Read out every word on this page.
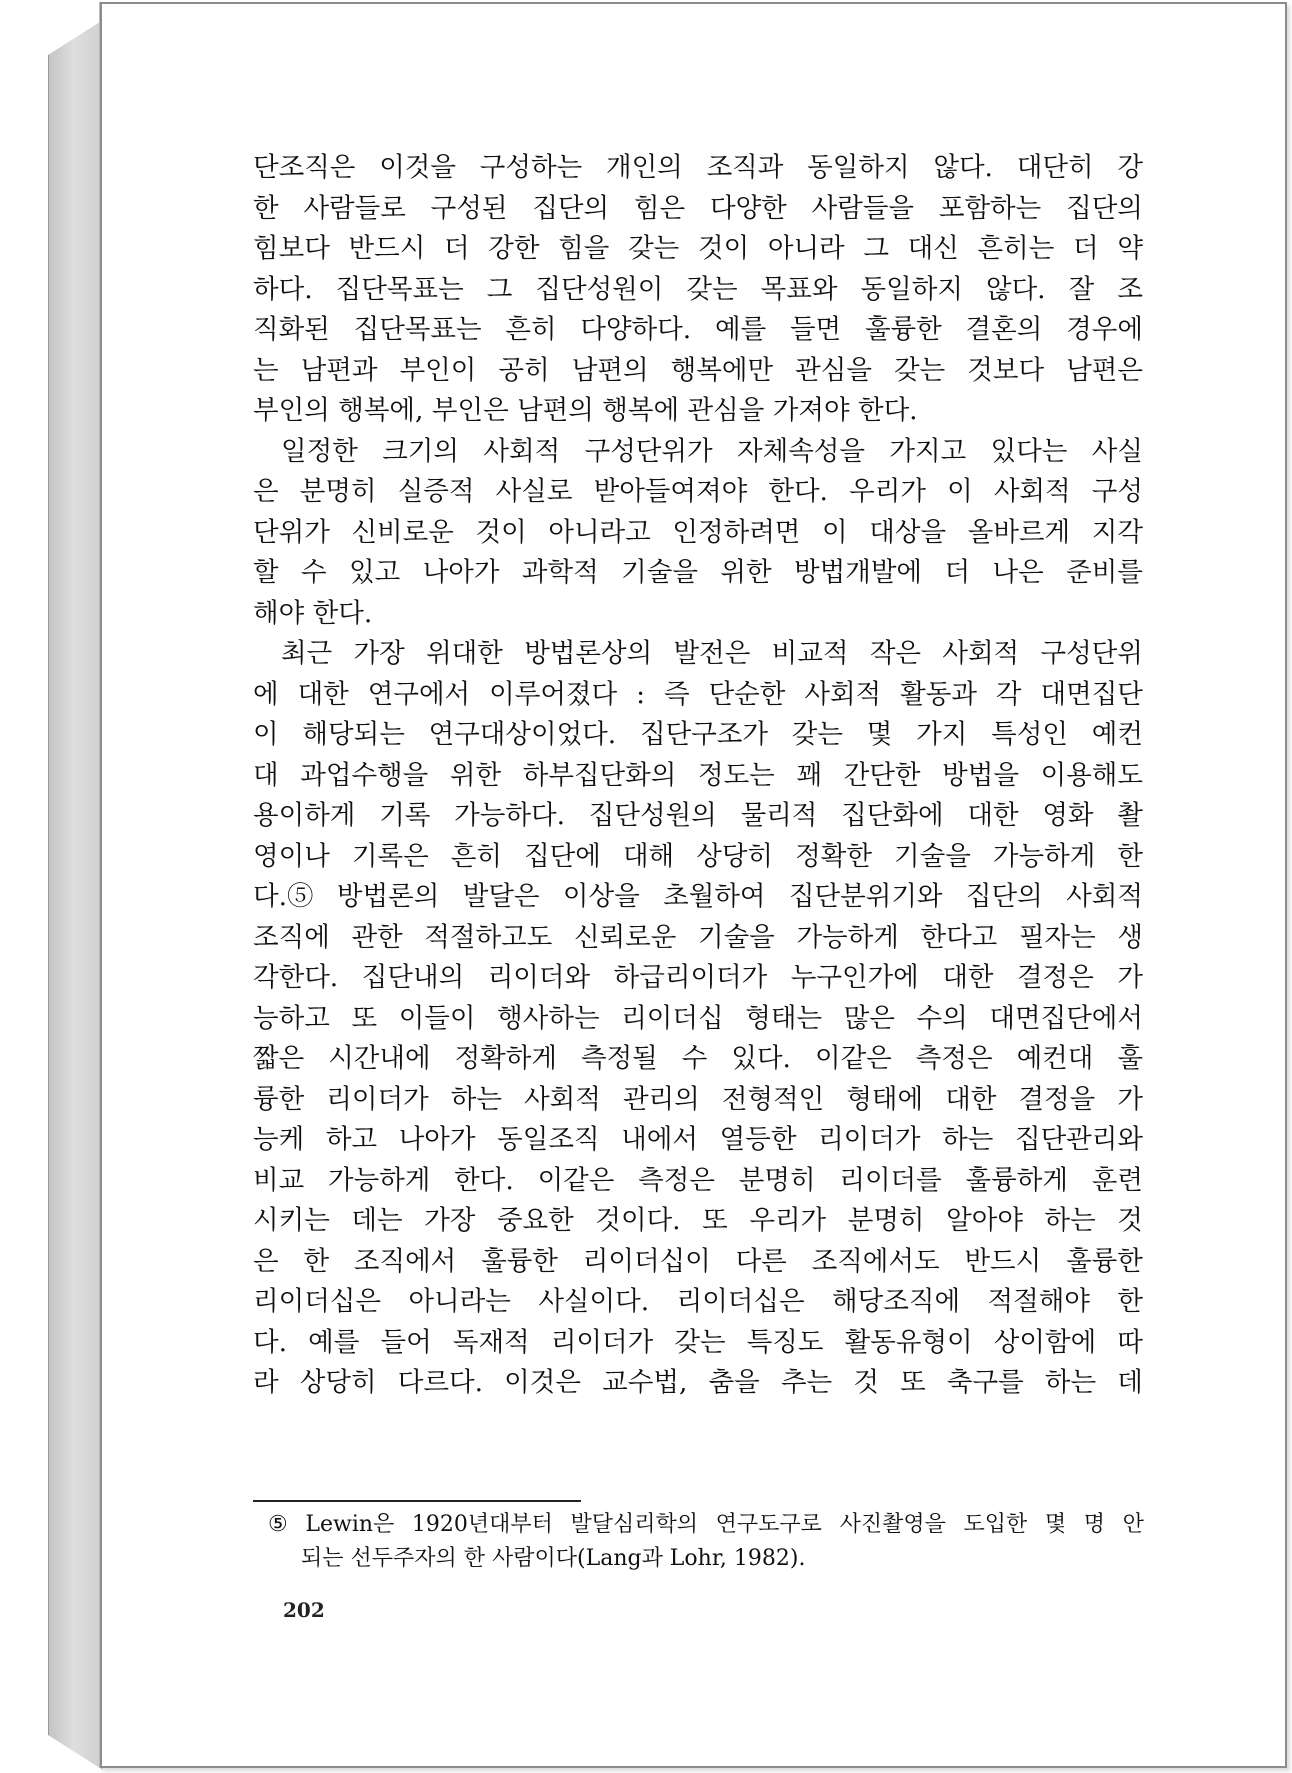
단조직은 이것을 구성하는 개인의 조직과 동일하지 않다. 대단히 강
한 사람들로 구성된 집단의 힘은 다양한 사람들을 포함하는 집단의
힘보다 반드시 더 강한 힘을 갖는 것이 아니라 그 대신 흔히는 더 약
하다. 집단목표는 그 집단성원이 갖는 목표와 동일하지 않다. 잘 조
직화된 집단목표는 흔히 다양하다. 예를 들면 훌륭한 결혼의 경우에
는 남편과 부인이 공히 남편의 행복에만 관심을 갖는 것보다 남편은
부인의 행복에, 부인은 남편의 행복에 관심을 가져야 한다.
일정한 크기의 사회적 구성단위가 자체속성을 가지고 있다는 사실
은 분명히 실증적 사실로 받아들여져야 한다. 우리가 이 사회적 구성
단위가 신비로운 것이 아니라고 인정하려면 이 대상을 올바르게 지각
할 수 있고 나아가 과학적 기술을 위한 방법개발에 더 나은 준비를
해야 한다.
최근 가장 위대한 방법론상의 발전은 비교적 작은 사회적 구성단위
에 대한 연구에서 이루어졌다 : 즉 단순한 사회적 활동과 각 대면집단
이 해당되는 연구대상이었다. 집단구조가 갖는 몇 가지 특성인 예컨
대 과업수행을 위한 하부집단화의 정도는 꽤 간단한 방법을 이용해도
용이하게 기록 가능하다. 집단성원의 물리적 집단화에 대한 영화 촬
영이나 기록은 흔히 집단에 대해 상당히 정확한 기술을 가능하게 한
다.⑤ 방법론의 발달은 이상을 초월하여 집단분위기와 집단의 사회적
조직에 관한 적절하고도 신뢰로운 기술을 가능하게 한다고 필자는 생
각한다. 집단내의 리이더와 하급리이더가 누구인가에 대한 결정은 가
능하고 또 이들이 행사하는 리이더십 형태는 많은 수의 대면집단에서
짧은 시간내에 정확하게 측정될 수 있다. 이같은 측정은 예컨대 훌
륭한 리이더가 하는 사회적 관리의 전형적인 형태에 대한 결정을 가
능케 하고 나아가 동일조직 내에서 열등한 리이더가 하는 집단관리와
비교 가능하게 한다. 이같은 측정은 분명히 리이더를 훌륭하게 훈련
시키는 데는 가장 중요한 것이다. 또 우리가 분명히 알아야 하는 것
은 한 조직에서 훌륭한 리이더십이 다른 조직에서도 반드시 훌륭한
리이더십은 아니라는 사실이다. 리이더십은 해당조직에 적절해야 한
다. 예를 들어 독재적 리이더가 갖는 특징도 활동유형이 상이함에 따
라 상당히 다르다. 이것은 교수법, 춤을 추는 것 또 축구를 하는 데
⑤ Lewin은 1920년대부터 발달심리학의 연구도구로 사진촬영을 도입한 몇 명 안
되는 선두주자의 한 사람이다(Lang과 Lohr, 1982).
202
